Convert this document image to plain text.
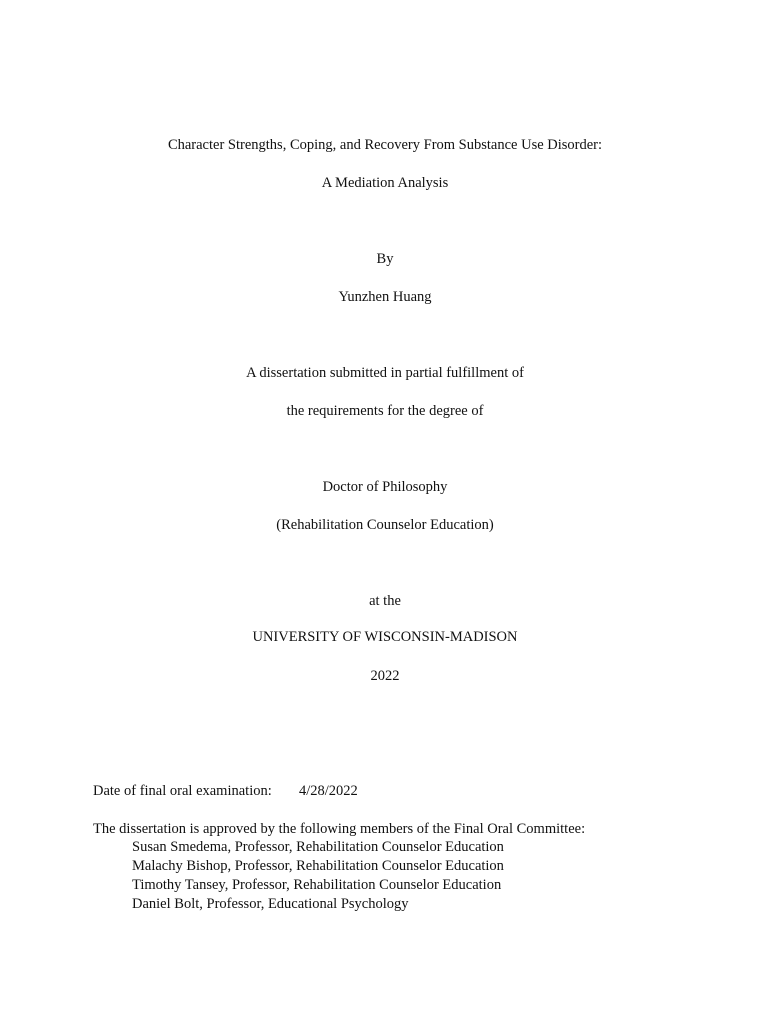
Character Strengths, Coping, and Recovery From Substance Use Disorder:
A Mediation Analysis
By
Yunzhen Huang
A dissertation submitted in partial fulfillment of
the requirements for the degree of
Doctor of Philosophy
(Rehabilitation Counselor Education)
at the
UNIVERSITY OF WISCONSIN-MADISON
2022
Date of final oral examination: 4/28/2022
The dissertation is approved by the following members of the Final Oral Committee:
Susan Smedema, Professor, Rehabilitation Counselor Education
Malachy Bishop, Professor, Rehabilitation Counselor Education
Timothy Tansey, Professor, Rehabilitation Counselor Education
Daniel Bolt, Professor, Educational Psychology
